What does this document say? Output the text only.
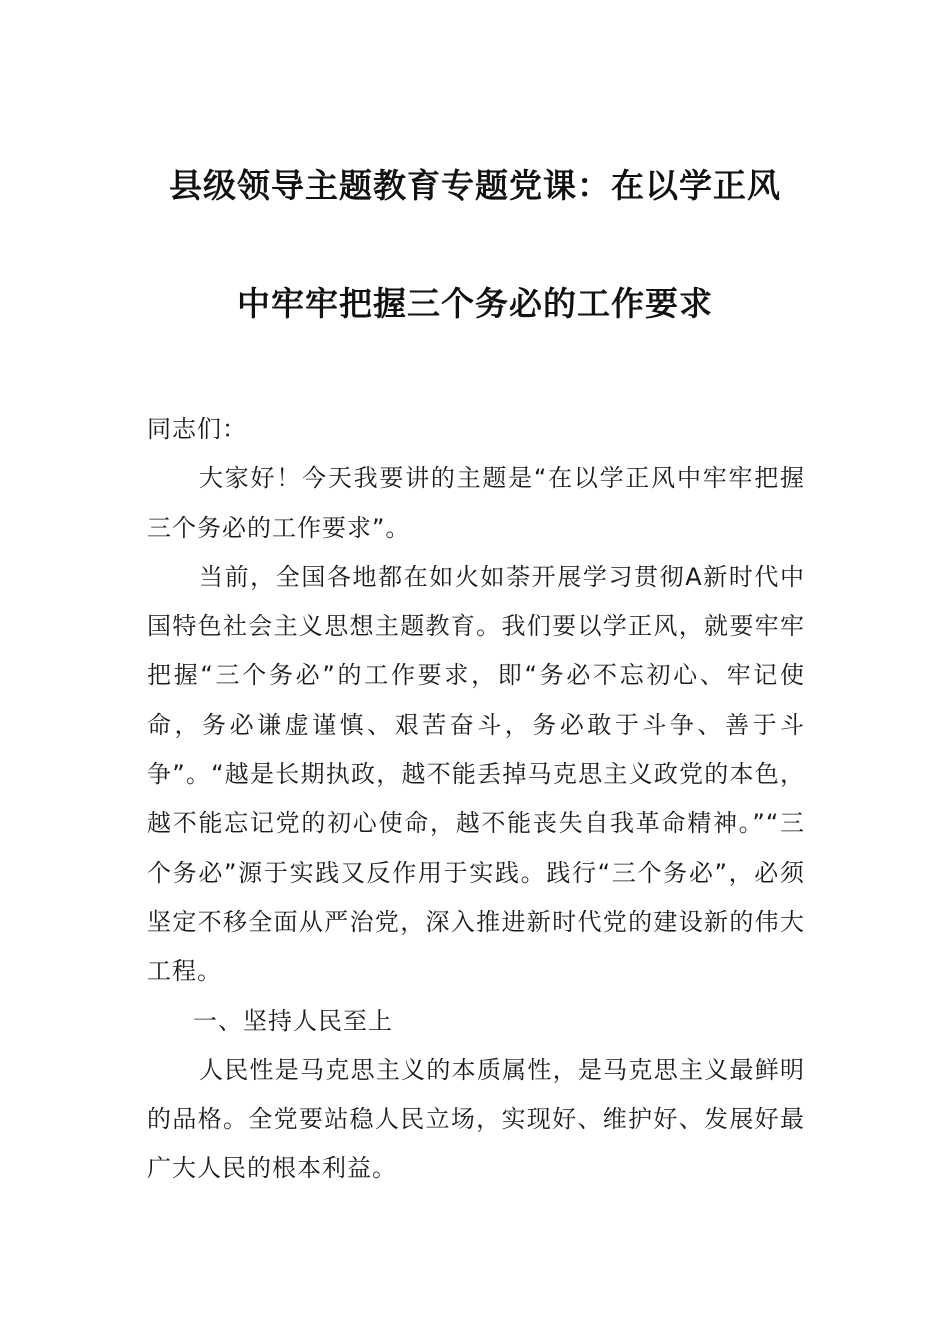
县级领导主题教育专题党课：在以学正风
中牢牢把握三个务必的工作要求

同志们：

大家好！今天我要讲的主题是“在以学正风中牢牢把握三个务必的工作要求”。

当前，全国各地都在如火如荼开展学习贯彻A新时代中国特色社会主义思想主题教育。我们要以学正风，就要牢牢把握“三个务必”的工作要求，即“务必不忘初心、牢记使命，务必谦虚谨慎、艰苦奋斗，务必敢于斗争、善于斗争”。“越是长期执政，越不能丢掉马克思主义政党的本色，越不能忘记党的初心使命，越不能丧失自我革命精神。”“三个务必”源于实践又反作用于实践。践行“三个务必”，必须坚定不移全面从严治党，深入推进新时代党的建设新的伟大工程。

一、坚持人民至上

人民性是马克思主义的本质属性，是马克思主义最鲜明的品格。全党要站稳人民立场，实现好、维护好、发展好最广大人民的根本利益。
